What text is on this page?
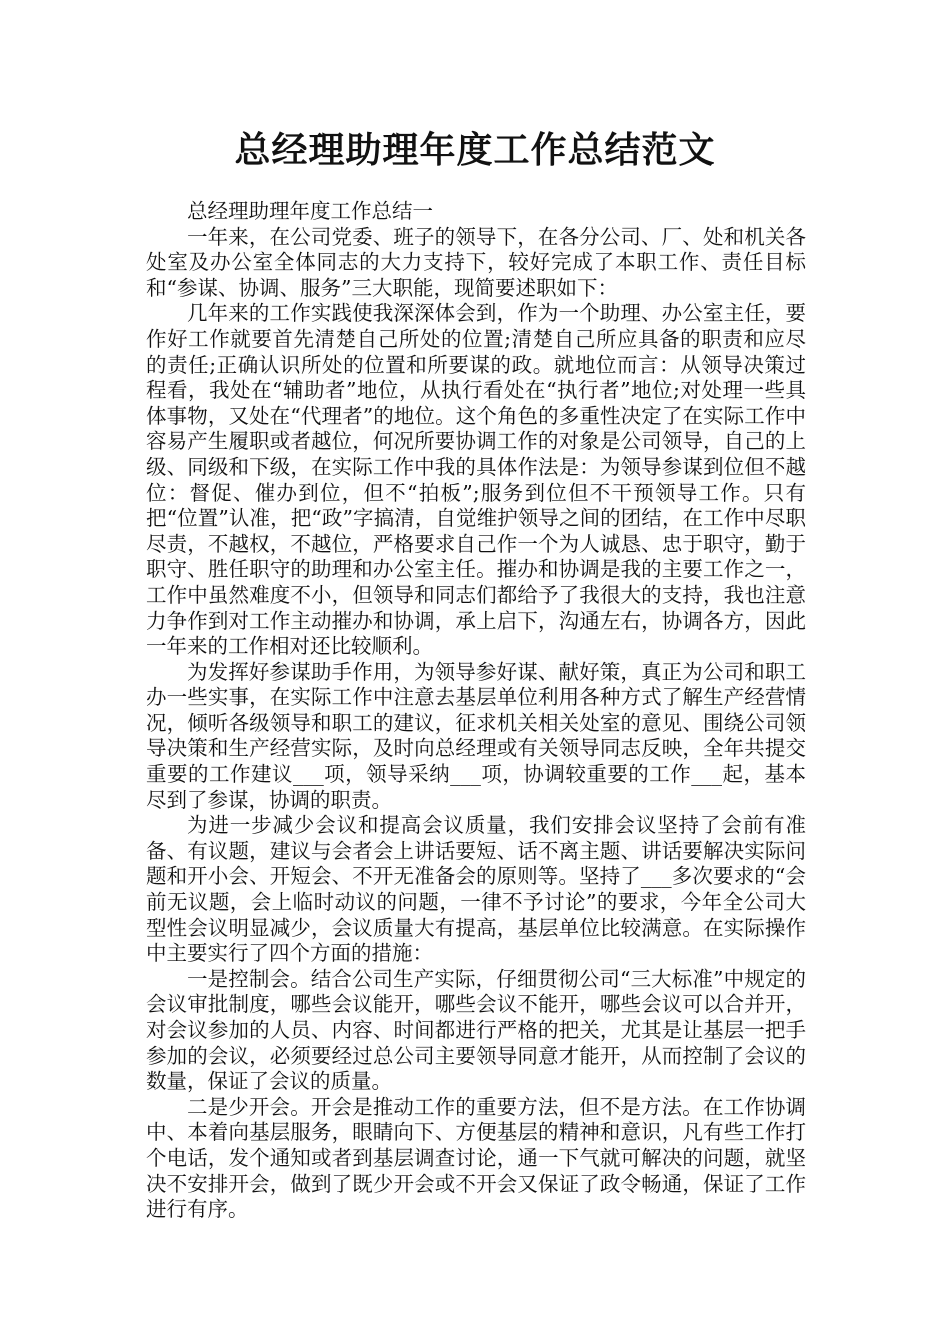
总经理助理年度工作总结范文

总经理助理年度工作总结一

一年来，在公司党委、班子的领导下，在各分公司、厂、处和机关各处室及办公室全体同志的大力支持下，较好完成了本职工作、责任目标和“参谋、协调、服务”三大职能，现简要述职如下：

几年来的工作实践使我深深体会到，作为一个助理、办公室主任，要作好工作就要首先清楚自己所处的位置;清楚自己所应具备的职责和应尽的责任;正确认识所处的位置和所要谋的政。就地位而言：从领导决策过程看，我处在“辅助者”地位，从执行看处在“执行者”地位;对处理一些具体事物，又处在“代理者”的地位。这个角色的多重性决定了在实际工作中容易产生履职或者越位，何况所要协调工作的对象是公司领导，自己的上级、同级和下级，在实际工作中我的具体作法是：为领导参谋到位但不越位：督促、催办到位，但不“拍板”;服务到位但不干预领导工作。只有把“位置”认准，把“政”字搞清，自觉维护领导之间的团结，在工作中尽职尽责，不越权，不越位，严格要求自己作一个为人诚恳、忠于职守，勤于职守、胜任职守的助理和办公室主任。摧办和协调是我的主要工作之一，工作中虽然难度不小，但领导和同志们都给予了我很大的支持，我也注意力争作到对工作主动摧办和协调，承上启下，沟通左右，协调各方，因此一年来的工作相对还比较顺利。

为发挥好参谋助手作用，为领导参好谋、献好策，真正为公司和职工办一些实事，在实际工作中注意去基层单位利用各种方式了解生产经营情况，倾听各级领导和职工的建议，征求机关相关处室的意见、围绕公司领导决策和生产经营实际，及时向总经理或有关领导同志反映，全年共提交重要的工作建议___项，领导采纳___项，协调较重要的工作___起，基本尽到了参谋，协调的职责。

为进一步减少会议和提高会议质量，我们安排会议坚持了会前有准备、有议题，建议与会者会上讲话要短、话不离主题、讲话要解决实际问题和开小会、开短会、不开无准备会的原则等。坚持了___多次要求的“会前无议题，会上临时动议的问题，一律不予讨论”的要求，今年全公司大型性会议明显减少，会议质量大有提高，基层单位比较满意。在实际操作中主要实行了四个方面的措施：

一是控制会。结合公司生产实际，仔细贯彻公司“三大标准”中规定的会议审批制度，哪些会议能开，哪些会议不能开，哪些会议可以合并开，对会议参加的人员、内容、时间都进行严格的把关，尤其是让基层一把手参加的会议，必须要经过总公司主要领导同意才能开，从而控制了会议的数量，保证了会议的质量。

二是少开会。开会是推动工作的重要方法，但不是方法。在工作协调中、本着向基层服务，眼睛向下、方便基层的精神和意识，凡有些工作打个电话，发个通知或者到基层调查讨论，通一下气就可解决的问题，就坚决不安排开会，做到了既少开会或不开会又保证了政令畅通，保证了工作进行有序。
